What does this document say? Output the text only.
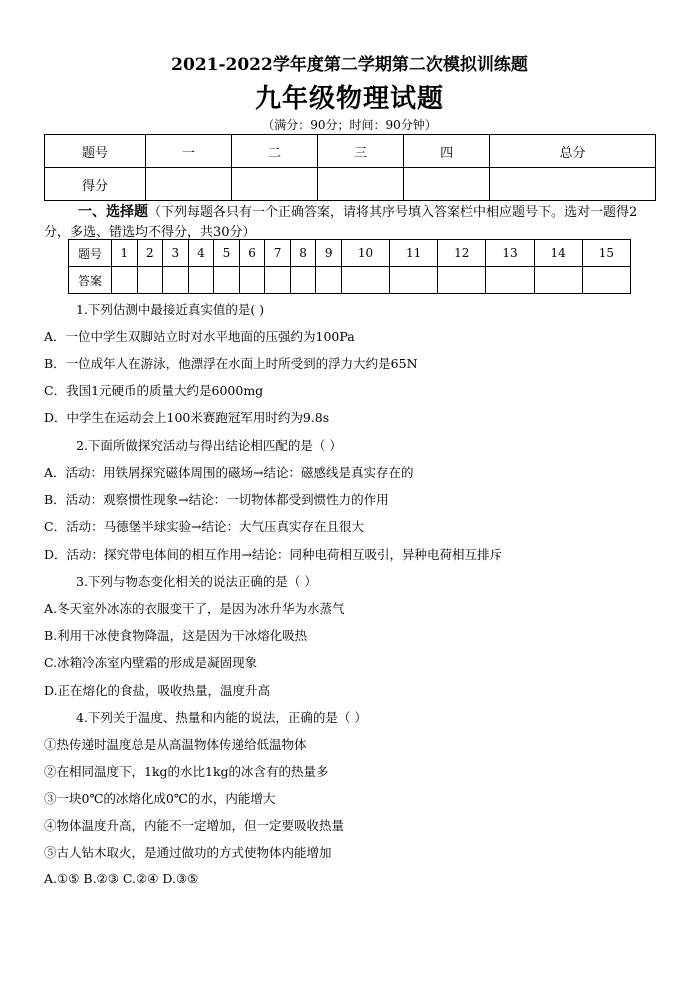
2021-2022学年度第二学期第二次模拟训练题
九年级物理试题
（满分：90分；时间：90分钟）
题号	一	二	三	四	总分
得分					
一、选择题（下列每题各只有一个正确答案，请将其序号填入答案栏中相应题号下。选对一题得2分，多选、错选均不得分，共30分）
题号	1	2	3	4	5	6	7	8	9	10	11	12	13	14	15
答案															
1.下列估测中最接近真实值的是( )
A．一位中学生双脚站立时对水平地面的压强约为100Pa
B．一位成年人在游泳，他漂浮在水面上时所受到的浮力大约是65N
C．我国1元硬币的质量大约是6000mg
D．中学生在运动会上100米赛跑冠军用时约为9.8s
2.下面所做探究活动与得出结论相匹配的是（ ）
A．活动：用铁屑探究磁体周围的磁场→结论：磁感线是真实存在的
B．活动：观察惯性现象→结论：一切物体都受到惯性力的作用
C．活动：马德堡半球实验→结论：大气压真实存在且很大
D．活动：探究带电体间的相互作用→结论：同种电荷相互吸引，异种电荷相互排斥
3.下列与物态变化相关的说法正确的是（ ）
A.冬天室外冰冻的衣服变干了，是因为冰升华为水蒸气
B.利用干冰使食物降温，这是因为干冰熔化吸热
C.冰箱冷冻室内壁霜的形成是凝固现象
D.正在熔化的食盐，吸收热量，温度升高
4.下列关于温度、热量和内能的说法，正确的是（ ）
①热传递时温度总是从高温物体传递给低温物体
②在相同温度下，1kg的水比1kg的冰含有的热量多
③一块0℃的冰熔化成0℃的水，内能增大
④物体温度升高，内能不一定增加，但一定要吸收热量
⑤古人钻木取火，是通过做功的方式使物体内能增加
A.①⑤ B.②③ C.②④ D.③⑤
